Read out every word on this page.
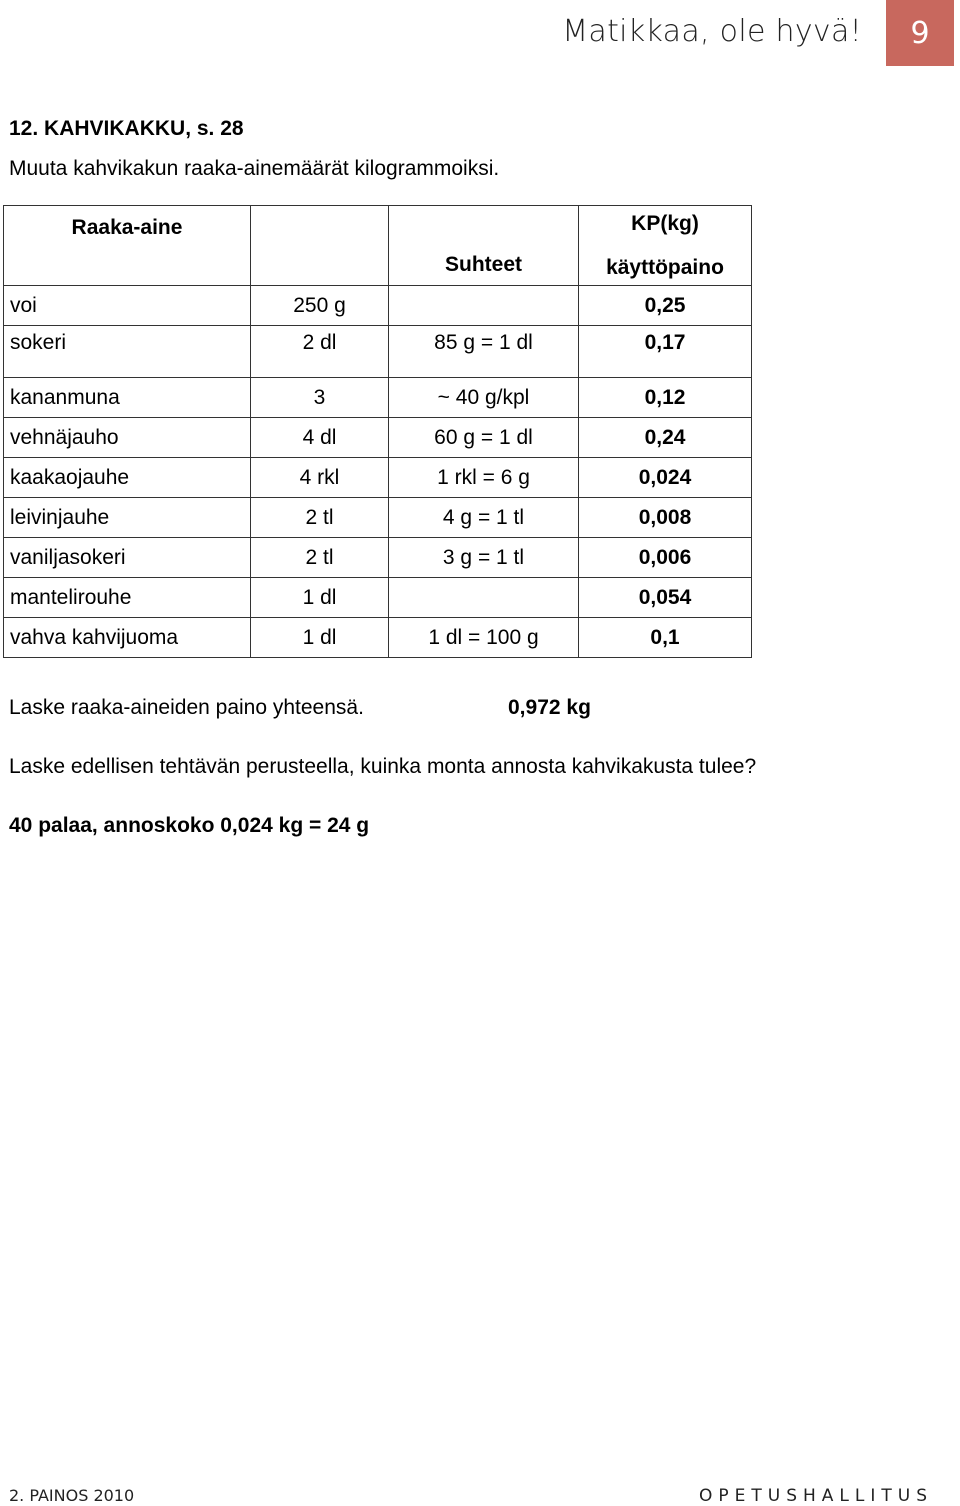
Matikkaa, ole hyvä!	9
12. KAHVIKAKKU, s. 28
Muuta kahvikakun raaka-ainemäärät kilogrammoiksi.
Raaka-aine		Suhteet	KP(kg)
käyttöpaino

voi	250 g		0,25
sokeri	2 dl	85 g = 1 dl	0,17
kananmuna	3	~ 40 g/kpl	0,12
vehnäjauho	4 dl	60 g = 1 dl	0,24
kaakaojauhe	4 rkl	1 rkl = 6 g	0,024
leivinjauhe	2 tl	4 g = 1 tl	0,008
vaniljasokeri	2 tl	3 g = 1 tl	0,006
mantelirouhe	1 dl		0,054
vahva kahvijuoma	1 dl	1 dl = 100 g	0,1
Laske raaka-aineiden paino yhteensä.	0,972 kg
Laske edellisen tehtävän perusteella, kuinka monta annosta kahvikakusta tulee?
40 palaa, annoskoko 0,024 kg = 24 g
2. PAINOS 2010	OPETUSHALLITUS
